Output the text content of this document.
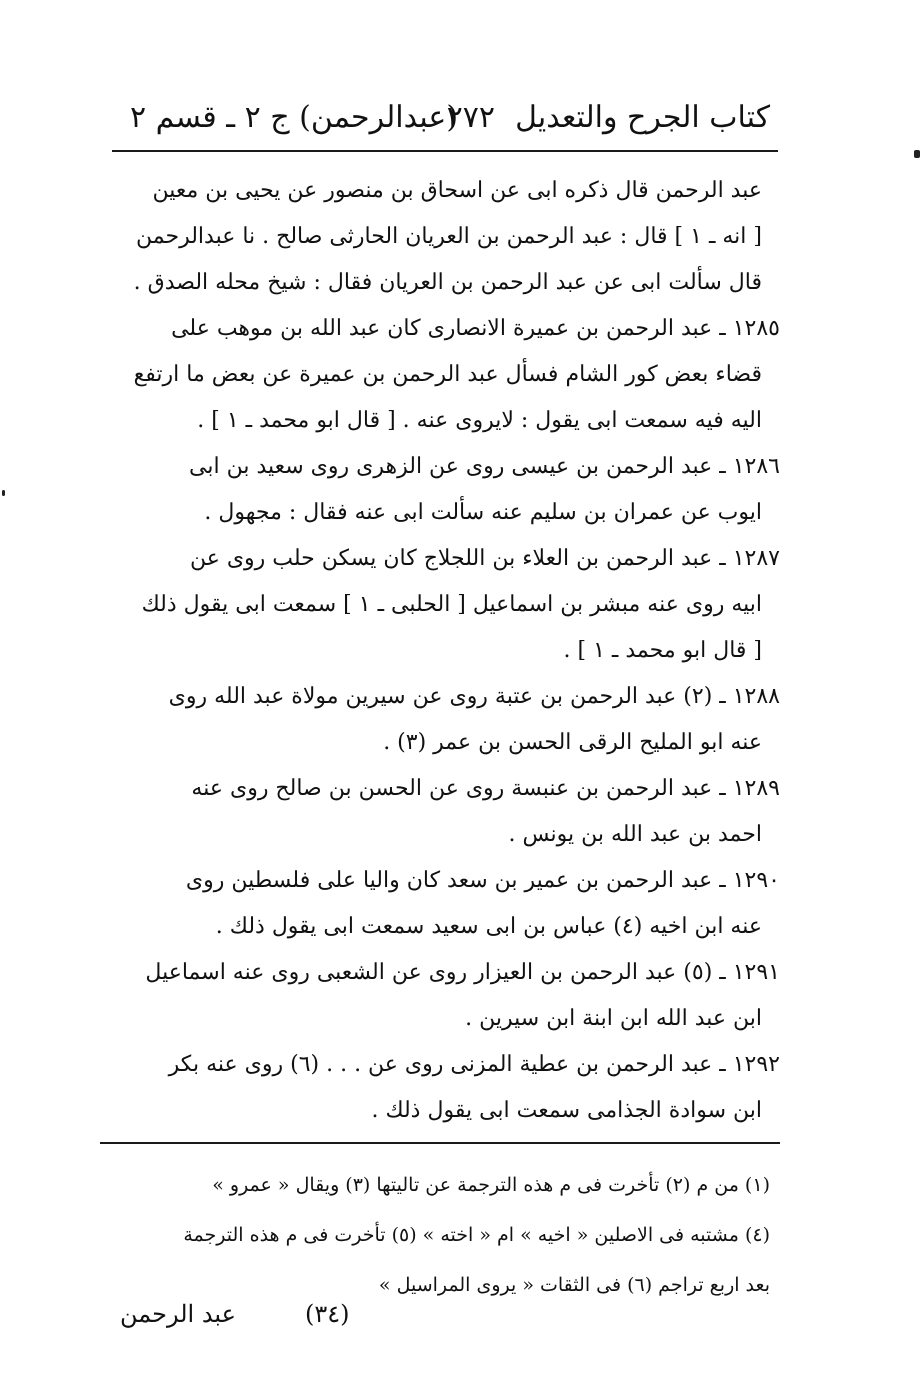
كتاب الجرح والتعديل
٢٧٢
(عبدالرحمن) ج ٢ ـ قسم ٢
عبد الرحمن قال ذكره ابى عن اسحاق بن منصور عن يحيى بن معين
[ انه ـ ١ ] قال : عبد الرحمن بن العريان الحارثى صالح . نا عبدالرحمن
قال سألت ابى عن عبد الرحمن بن العريان فقال : شيخ محله الصدق .
١٢٨٥ ـ عبد الرحمن بن عميرة الانصارى كان عبد الله بن موهب على
قضاء بعض كور الشام فسأل عبد الرحمن بن عميرة عن بعض ما ارتفع
اليه فيه سمعت ابى يقول : لايروى عنه . [ قال ابو محمد ـ ١ ] .
١٢٨٦ ـ عبد الرحمن بن عيسى روى عن الزهرى روى سعيد بن ابى
ايوب عن عمران بن سليم عنه سألت ابى عنه فقال : مجهول .
١٢٨٧ ـ عبد الرحمن بن العلاء بن اللجلاج كان يسكن حلب روى عن
ابيه روى عنه مبشر بن اسماعيل [ الحلبى ـ ١ ] سمعت ابى يقول ذلك
[ قال ابو محمد ـ ١ ] .
١٢٨٨ ـ (٢) عبد الرحمن بن عتبة روى عن سيرين مولاة عبد الله روى
عنه ابو المليح الرقى الحسن بن عمر (٣) .
١٢٨٩ ـ عبد الرحمن بن عنبسة روى عن الحسن بن صالح روى عنه
احمد بن عبد الله بن يونس .
١٢٩٠ ـ عبد الرحمن بن عمير بن سعد كان واليا على فلسطين روى
عنه ابن اخيه (٤) عباس بن ابى سعيد سمعت ابى يقول ذلك .
١٢٩١ ـ (٥) عبد الرحمن بن العيزار روى عن الشعبى روى عنه اسماعيل
ابن عبد الله ابن ابنة ابن سيرين .
١٢٩٢ ـ عبد الرحمن بن عطية المزنى روى عن . . . (٦) روى عنه بكر
ابن سوادة الجذامى سمعت ابى يقول ذلك .
(١) من م (٢) تأخرت فى م هذه الترجمة عن تاليتها (٣) ويقال « عمرو »
(٤) مشتبه فى الاصلين « اخيه » ام « اخته » (٥) تأخرت فى م هذه الترجمة
بعد اربع تراجم (٦) فى الثقات « يروى المراسيل »
عبد الرحمن	(٣٤)
